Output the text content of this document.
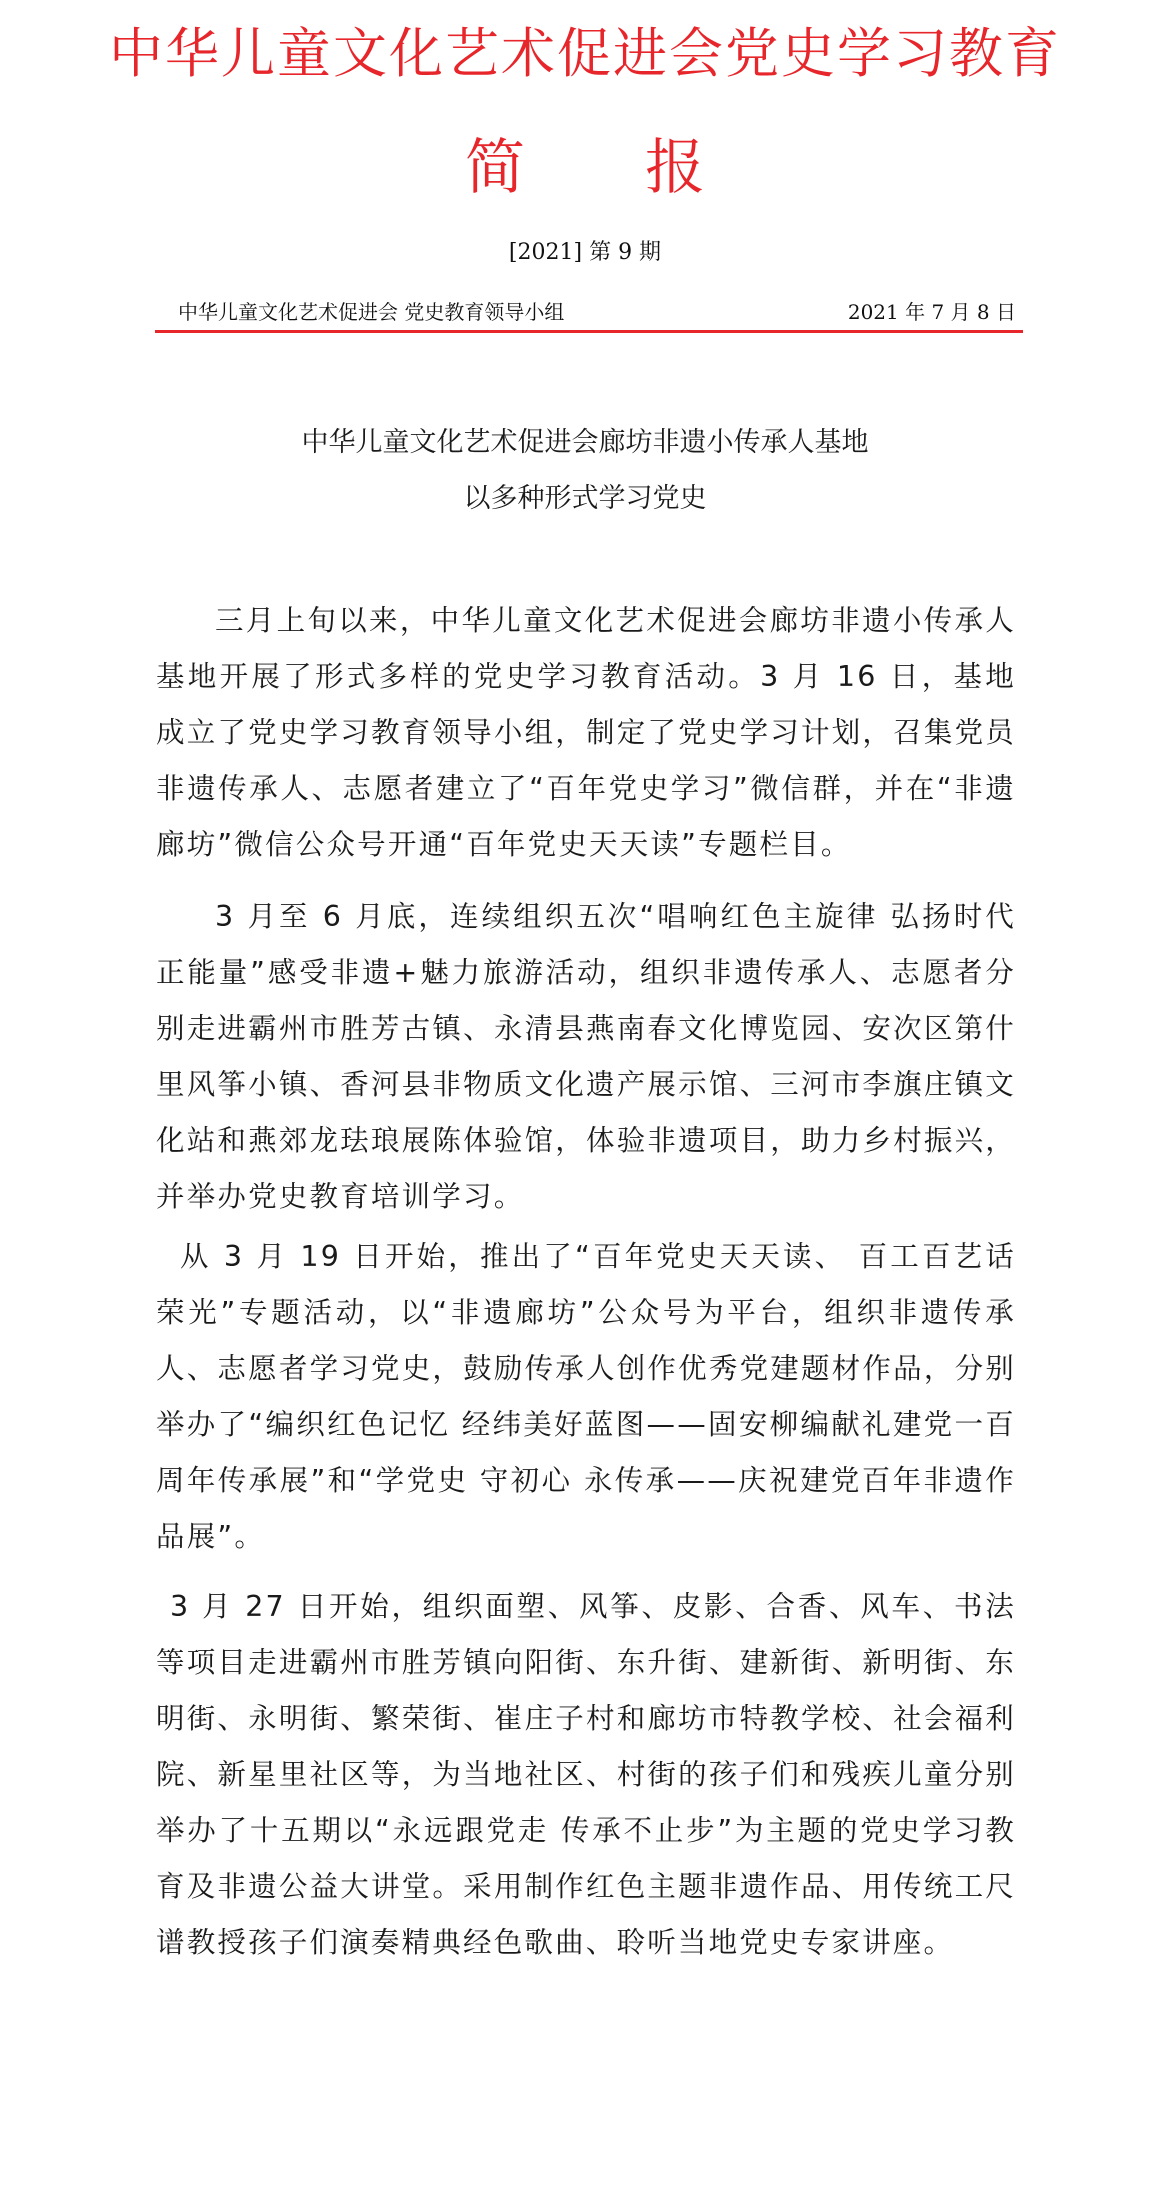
中华儿童文化艺术促进会党史学习教育
简 报
[2021] 第 9 期
中华儿童文化艺术促进会 党史教育领导小组	2021 年 7 月 8 日
中华儿童文化艺术促进会廊坊非遗小传承人基地
以多种形式学习党史

三月上旬以来，中华儿童文化艺术促进会廊坊非遗小传承人基地开展了形式多样的党史学习教育活动。3 月 16 日，基地成立了党史学习教育领导小组，制定了党史学习计划，召集党员非遗传承人、志愿者建立了“百年党史学习”微信群，并在“非遗廊坊”微信公众号开通“百年党史天天读”专题栏目。

3 月至 6 月底，连续组织五次“唱响红色主旋律 弘扬时代正能量”感受非遗+魅力旅游活动，组织非遗传承人、志愿者分别走进霸州市胜芳古镇、永清县燕南春文化博览园、安次区第什里风筝小镇、香河县非物质文化遗产展示馆、三河市李旗庄镇文化站和燕郊龙珐琅展陈体验馆，体验非遗项目，助力乡村振兴，并举办党史教育培训学习。

从 3 月 19 日开始，推出了“百年党史天天读、 百工百艺话荣光”专题活动，以“非遗廊坊”公众号为平台，组织非遗传承人、志愿者学习党史，鼓励传承人创作优秀党建题材作品，分别举办了“编织红色记忆 经纬美好蓝图——固安柳编献礼建党一百周年传承展”和“学党史 守初心 永传承——庆祝建党百年非遗作品展”。

3 月 27 日开始，组织面塑、风筝、皮影、合香、风车、书法等项目走进霸州市胜芳镇向阳街、东升街、建新街、新明街、东明街、永明街、繁荣街、崔庄子村和廊坊市特教学校、社会福利院、新星里社区等，为当地社区、村街的孩子们和残疾儿童分别举办了十五期以“永远跟党走 传承不止步”为主题的党史学习教育及非遗公益大讲堂。采用制作红色主题非遗作品、用传统工尺谱教授孩子们演奏精典经色歌曲、聆听当地党史专家讲座。
